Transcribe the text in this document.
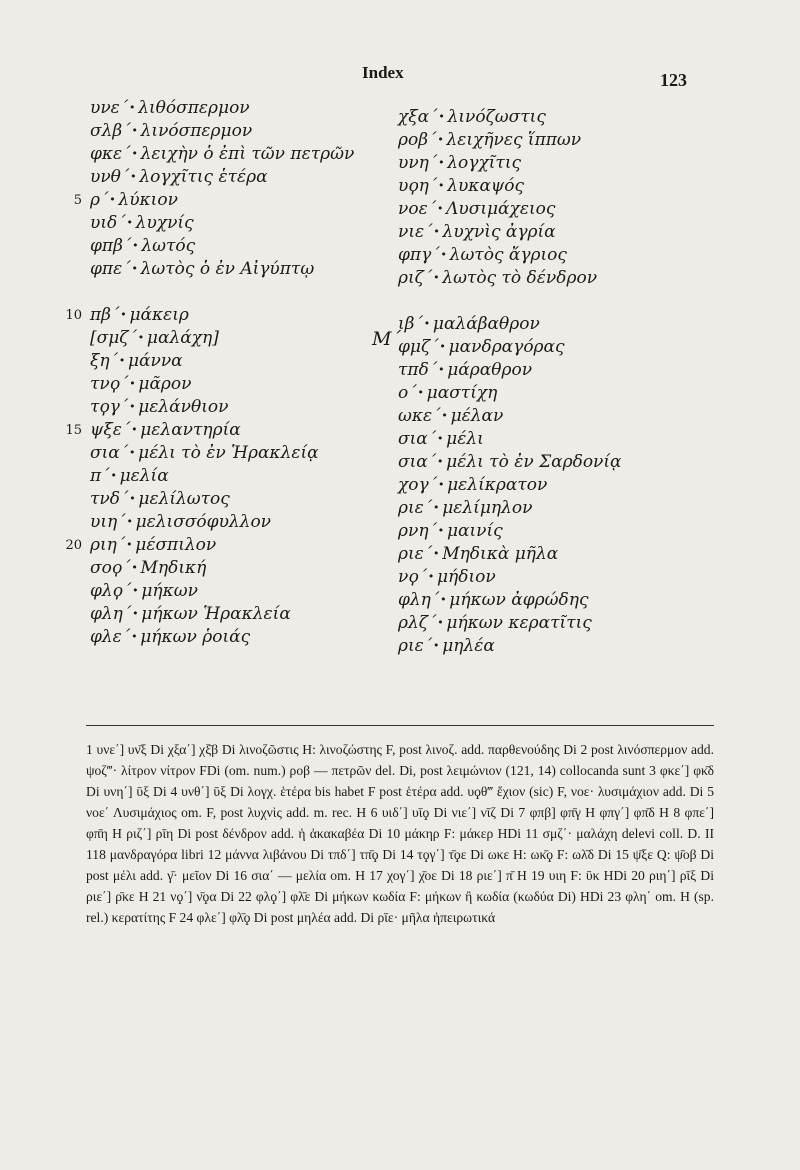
Index	123
υνε΄ · λιθόσπερμον
σλβ΄ · λινόσπερμον
φκε΄ · λειχὴν ὁ ἐπὶ τῶν πετρῶν
υνθ΄ · λογχῖτις ἑτέρα
5 ρ΄ · λύκιον
υιδ΄ · λυχνίς
φπβ΄ · λωτός
φπε΄ · λωτὸς ὁ ἐν Αἰγύπτῳ
10 πβ΄ · μάκειρ
[σμζ΄ · μαλάχη]
ξη΄ · μάννα
τνϙ΄ · μᾶρον
τϙγ΄ · μελάνθιον
15 ψξε΄ · μελαντηρία
σια΄ · μέλι τὸ ἐν Ἡρακλείᾳ
π΄ · μελία
τνδ΄ · μελίλωτος
υιη΄ · μελισσόφυλλον
20 ριη΄ · μέσπιλον
σοϙ΄ · Μηδική
φλϙ΄ · μήκων
φλη΄ · μήκων Ἡρακλεία
φλε΄ · μήκων ῥοιάς
χξα΄ · λινόζωστις
ροβ΄ · λειχῆνες ἵππων
υνη΄ · λογχῖτις
υϙη΄ · λυκαψός
νοε΄ · Λυσιμάχειος
νιε΄ · λυχνὶς ἀγρία
φπγ΄ · λωτὸς ἄγριος
ριζ΄ · λωτὸς τὸ δένδρον
ιβ΄ · μαλάβαθρον
φμζ΄ · μανδραγόρας
τπδ΄ · μάραθρον
ο΄ · μαστίχη
ωκε΄ · μέλαν
σια΄ · μέλι
σια΄ · μέλι τὸ ἐν Σαρδονίᾳ
χογ΄ · μελίκρατον
ριε΄ · μελίμηλον
ρνη΄ · μαινίς
ριε΄ · Μηδικὰ μῆλα
νϙ΄ · μήδιον
φλη΄ · μήκων ἀφρώδης
ρλζ΄ · μήκων κερατῖτις
ριε΄ · μηλέα
Μ΄
1 υνε΄] υν̄ξ Di χξα΄] χξ̄β Di λινοζῶστις H: λινοζώστης F, post λινοζ. add. παρθενούδης Di 2 post λινόσπερμον add. ψοζ‴· λίτρον νίτρον FDi (om. num.) ροβ — πετρῶν del. Di, post λειμώνιον (121, 14) collocanda sunt 3 φκε΄] φκ̄δ Di υνη΄] ῡξ Di 4 υνθ΄] ῡξ Di λογχ. ἑτέρα bis habet F post ἑτέρα add. υϙθ‴ ἔχιον (sic) F, νοε· λυσιμάχιον add. Di 5 νοε΄ Λυσιμάχιος om. F, post λυχνὶς add. m. rec. H 6 υιδ΄] υῑϙ Di νιε΄] νῑζ Di 7 φπβ] φπ̄γ H φπγ΄] φπ̄δ H 8 φπε΄] φπ̄η H ριζ΄] ρῑη Di post δένδρον add. ἡ ἀκακαβέα Di 10 μάκηρ F: μάκερ HDi 11 σμζ΄· μαλάχη delevi coll. D. II 118 μανδραγόρα libri 12 μάννα λιβάνου Di τπδ΄] τπ̄ϙ Di 14 τϙγ΄] τ̄ϙε Di ωκε H: ωκ̄ϙ F: ωλ̄δ Di 15 ψ̄ξε Q: ψ̄οβ Di post μέλι add. γ̄· μεῖον Di 16 σια΄ — μελία om. H 17 χογ΄] χ̄οε Di 18 ριε΄] π̄ H 19 υιη F: ῡκ HDi 20 ριη΄] ρῑξ Di ριε΄] ρ̄κε H 21 νϙ΄] ν̄ϙα Di 22 φλϙ΄] φλ̄ε Di μήκων κωδία F: μήκων ἢ κωδία (κωδύα Di) HDi 23 φλη΄ om. H (sp. rel.) κερατίτης F 24 φλε΄] φλ̄ϙ Di post μηλέα add. Di ρῑε· μῆλα ἠπειρωτικά
